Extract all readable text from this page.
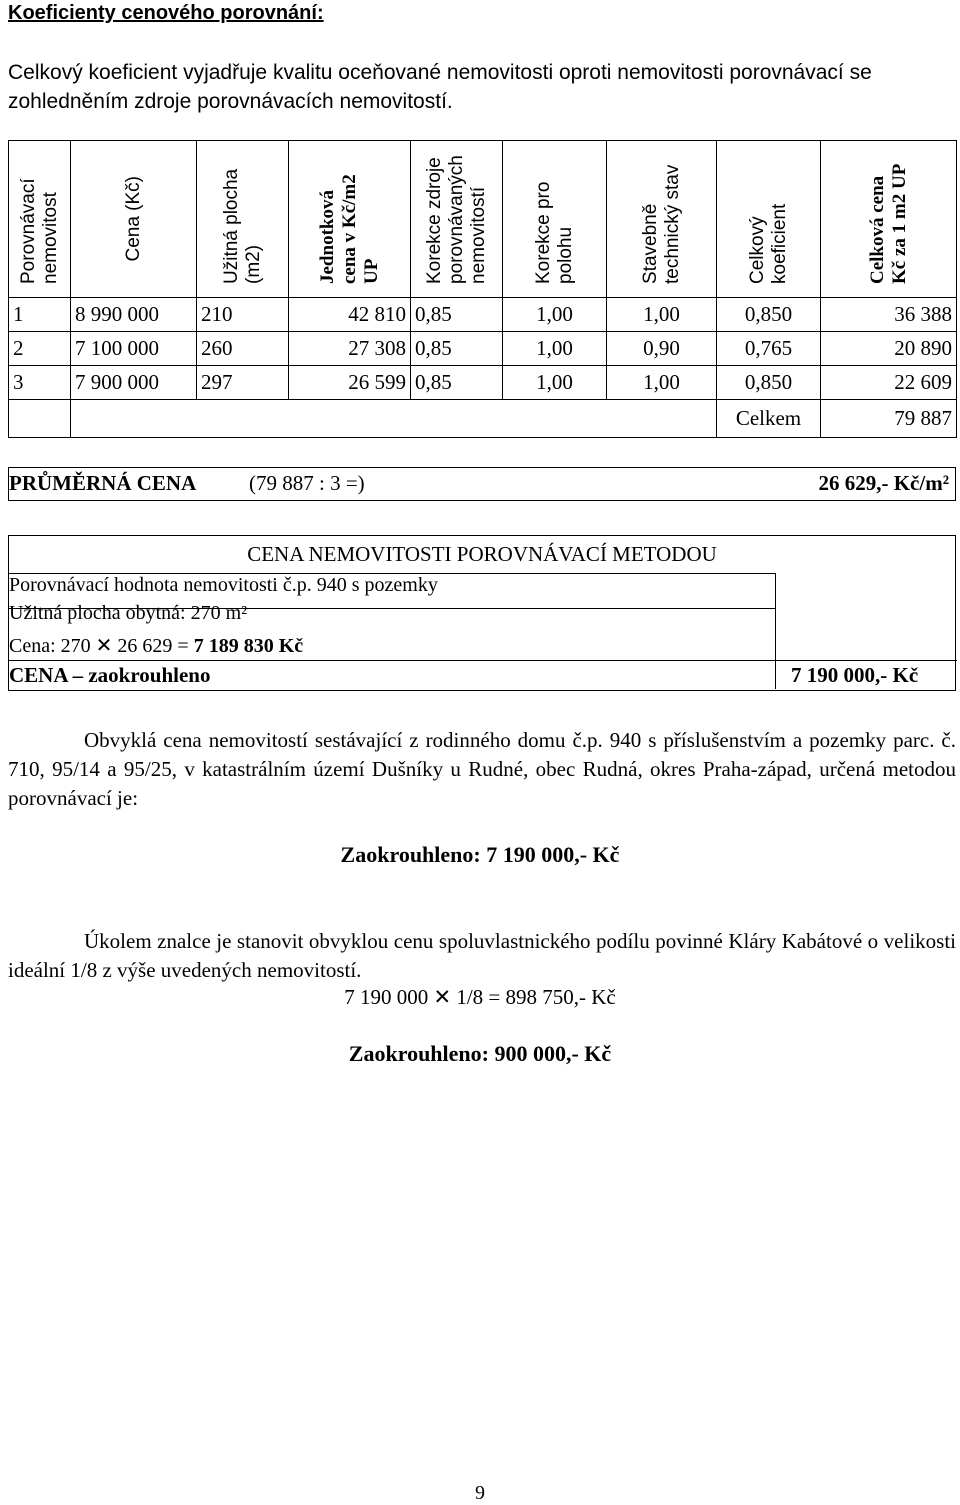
Koeficienty cenového porovnání:
Celkový koeficient vyjadřuje kvalitu oceňované nemovitosti oproti nemovitosti porovnávací se zohledněním zdroje porovnávacích nemovitostí.
Porovnávací nemovitost	Cena (Kč)	Užitná plocha (m2)	Jednotková cena v Kč/m2 UP	Korekce zdroje porovnávaných nemovitostí	Korekce pro polohu	Stavebně technický stav	Celkový koeficient	Celková cena Kč za 1 m2 UP

1	8 990 000	210	42 810	0,85	1,00	1,00	0,850	36 388
2	7 100 000	260	27 308	0,85	1,00	0,90	0,765	20 890
3	7 900 000	297	26 599	0,85	1,00	1,00	0,850	22 609
							Celkem	79 887
PRŮMĚRNÁ CENA	(79 887 : 3 =)	26 629,- Kč/m²
CENA NEMOVITOSTI POROVNÁVACÍ METODOU
Porovnávací hodnota nemovitosti č.p. 940 s pozemky
Užitná plocha obytná: 270 m²
Cena: 270 ✕ 26 629 = 7 189 830 Kč
CENA – zaokrouhleno	7 190 000,- Kč
Obvyklá cena nemovitostí sestávající z rodinného domu č.p. 940 s příslušenstvím a pozemky parc. č. 710, 95/14 a 95/25, v katastrálním území Dušníky u Rudné, obec Rudná, okres Praha-západ, určená metodou porovnávací je:
Zaokrouhleno: 7 190 000,- Kč
Úkolem znalce je stanovit obvyklou cenu spoluvlastnického podílu povinné Kláry Kabátové o velikosti ideální 1/8 z výše uvedených nemovitostí.
7 190 000 ✕ 1/8 = 898 750,- Kč
Zaokrouhleno: 900 000,- Kč
9
